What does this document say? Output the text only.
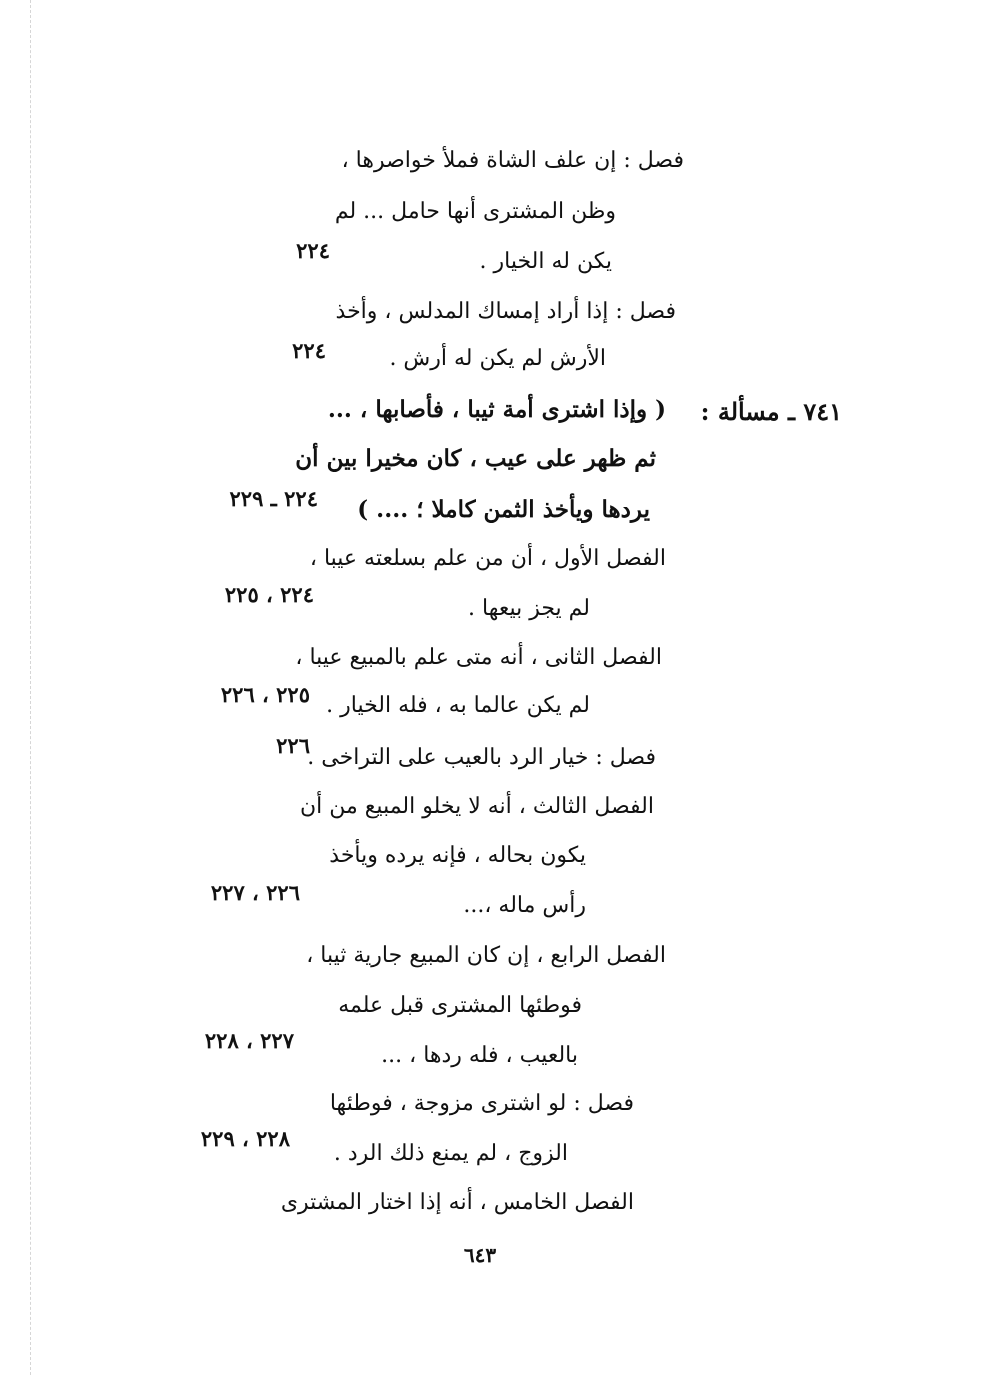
فصل : إن علف الشاة فملأ خواصرها ،
وظن المشترى أنها حامل ... لم
يكن له الخيار .
فصل : إذا أراد إمساك المدلس ، وأخذ
الأرش لم يكن له أرش .
٧٤١ ـ مسألة :
( وإذا اشترى أمة ثيبا ، فأصابها ، ...
ثم ظهر على عيب ، كان مخيرا بين أن
يردها ويأخذ الثمن كاملا ؛ .... )
الفصل الأول ، أن من علم بسلعته عيبا ،
لم يجز بيعها .
الفصل الثانى ، أنه متى علم بالمبيع عيبا ،
لم يكن عالما به ، فله الخيار .
فصل : خيار الرد بالعيب على التراخى .
الفصل الثالث ، أنه لا يخلو المبيع من أن
يكون بحاله ، فإنه يرده ويأخذ
رأس ماله ،...
الفصل الرابع ، إن كان المبيع جارية ثيبا ،
فوطئها المشترى قبل علمه
بالعيب ، فله ردها ، ...
فصل : لو اشترى مزوجة ، فوطئها
الزوج ، لم يمنع ذلك الرد .
الفصل الخامس ، أنه إذا اختار المشترى
٢٢٤
٢٢٤
٢٢٤ ـ ٢٢٩
٢٢٤ ، ٢٢٥
٢٢٥ ، ٢٢٦
٢٢٦
٢٢٦ ، ٢٢٧
٢٢٧ ، ٢٢٨
٢٢٨ ، ٢٢٩
٦٤٣
